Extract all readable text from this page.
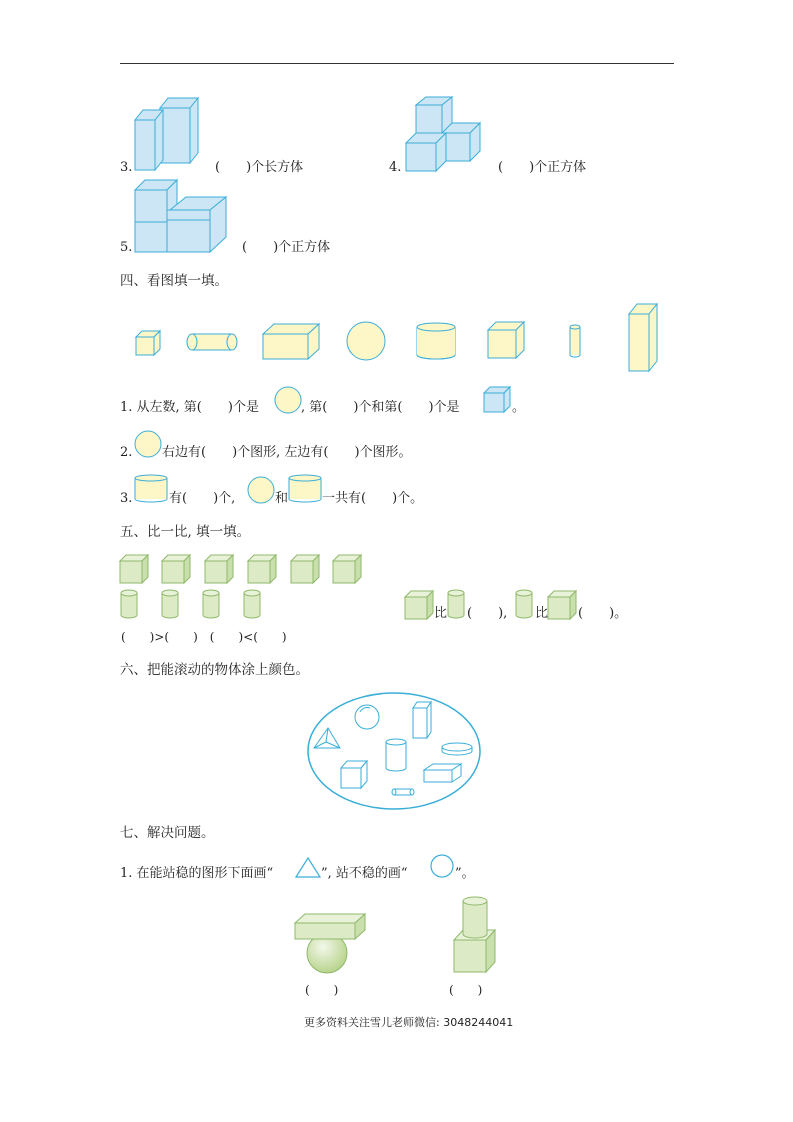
3.	(　　)个长方体	4.	(　　)个正方体
5.	(　　)个正方体
四、看图填一填。
1. 从左数, 第(　　)个是	, 第(　　)个和第(　　)个是	。
2. 右边有(　　)个图形, 左边有(　　)个图形。
3.	有(　　)个,	和	一共有(　　)个。
五、比一比, 填一填。
比 (　　), 比 (　　)。
(　　)>(　　)　(　　)<(　　)
六、把能滚动的物体涂上颜色。
七、解决问题。
1. 在能站稳的图形下面画“	”, 站不稳的画“	”。
(　　)	(　　)
更多资料关注雪儿老师微信: 3048244041
